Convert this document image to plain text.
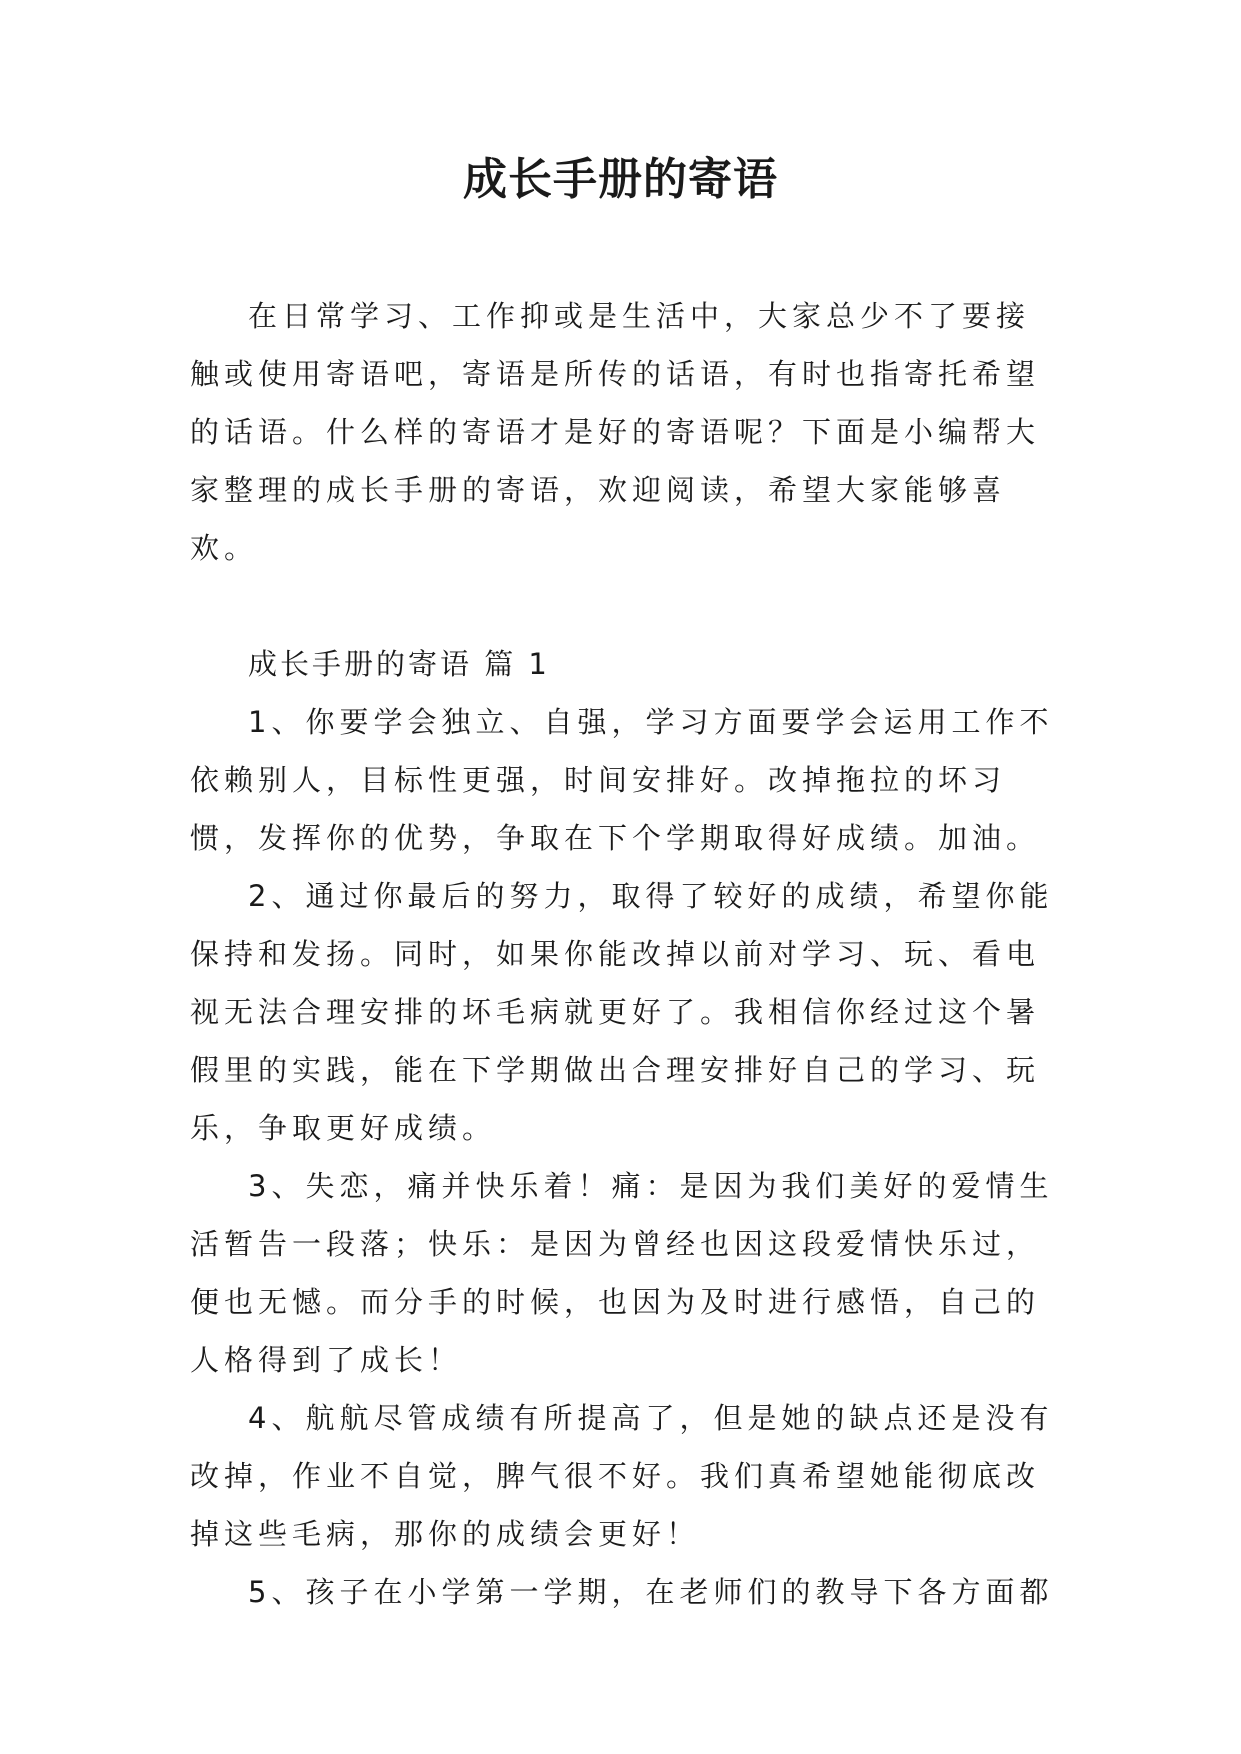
成长手册的寄语

在日常学习、工作抑或是生活中，大家总少不了要接触或使用寄语吧，寄语是所传的话语，有时也指寄托希望的话语。什么样的寄语才是好的寄语呢？下面是小编帮大家整理的成长手册的寄语，欢迎阅读，希望大家能够喜欢。

成长手册的寄语 篇 1

1、你要学会独立、自强，学习方面要学会运用工作不依赖别人，目标性更强，时间安排好。改掉拖拉的坏习惯，发挥你的优势，争取在下个学期取得好成绩。加油。

2、通过你最后的努力，取得了较好的成绩，希望你能保持和发扬。同时，如果你能改掉以前对学习、玩、看电视无法合理安排的坏毛病就更好了。我相信你经过这个暑假里的实践，能在下学期做出合理安排好自己的学习、玩乐，争取更好成绩。

3、失恋，痛并快乐着！痛：是因为我们美好的爱情生活暂告一段落；快乐：是因为曾经也因这段爱情快乐过，便也无憾。而分手的时候，也因为及时进行感悟，自己的人格得到了成长！

4、航航尽管成绩有所提高了，但是她的缺点还是没有改掉，作业不自觉，脾气很不好。我们真希望她能彻底改掉这些毛病，那你的成绩会更好！

5、孩子在小学第一学期，在老师们的教导下各方面都
